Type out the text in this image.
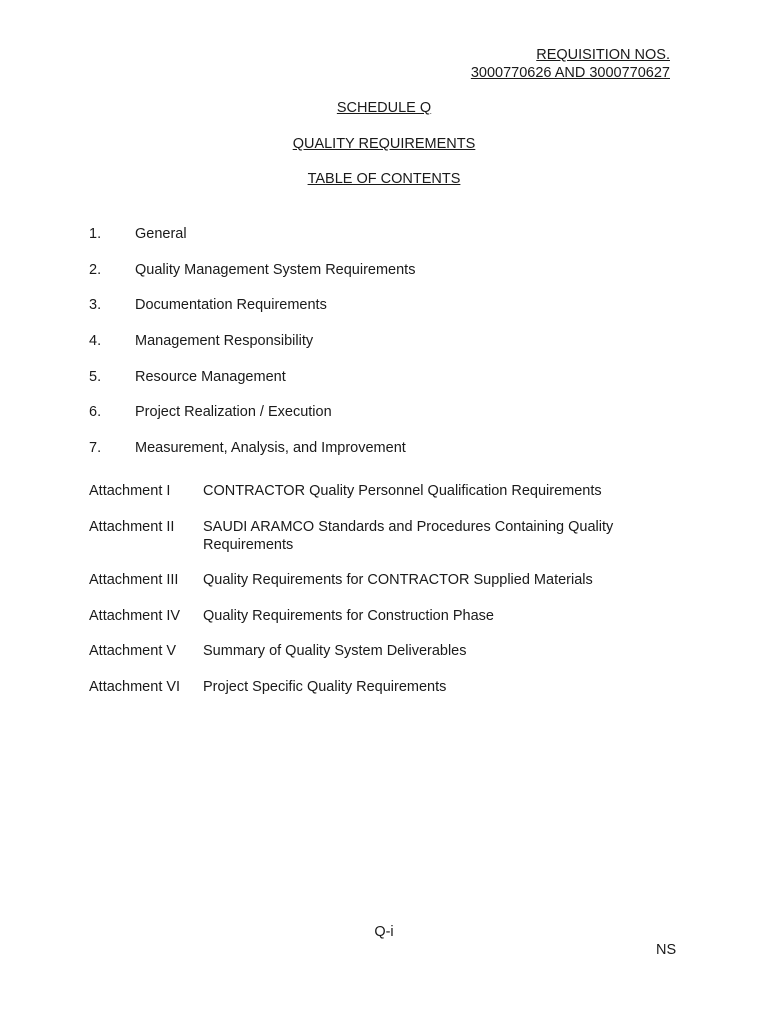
REQUISITION NOS.
3000770626 AND 3000770627
SCHEDULE Q
QUALITY REQUIREMENTS
TABLE OF CONTENTS
1.	General
2.	Quality Management System Requirements
3.	Documentation Requirements
4.	Management Responsibility
5.	Resource Management
6.	Project Realization / Execution
7.	Measurement, Analysis, and Improvement
Attachment I	CONTRACTOR Quality Personnel Qualification Requirements
Attachment II	SAUDI ARAMCO Standards and Procedures Containing Quality Requirements
Attachment III	Quality Requirements for CONTRACTOR Supplied Materials
Attachment IV	Quality Requirements for Construction Phase
Attachment V	Summary of Quality System Deliverables
Attachment VI	Project Specific Quality Requirements
Q-i
NS
